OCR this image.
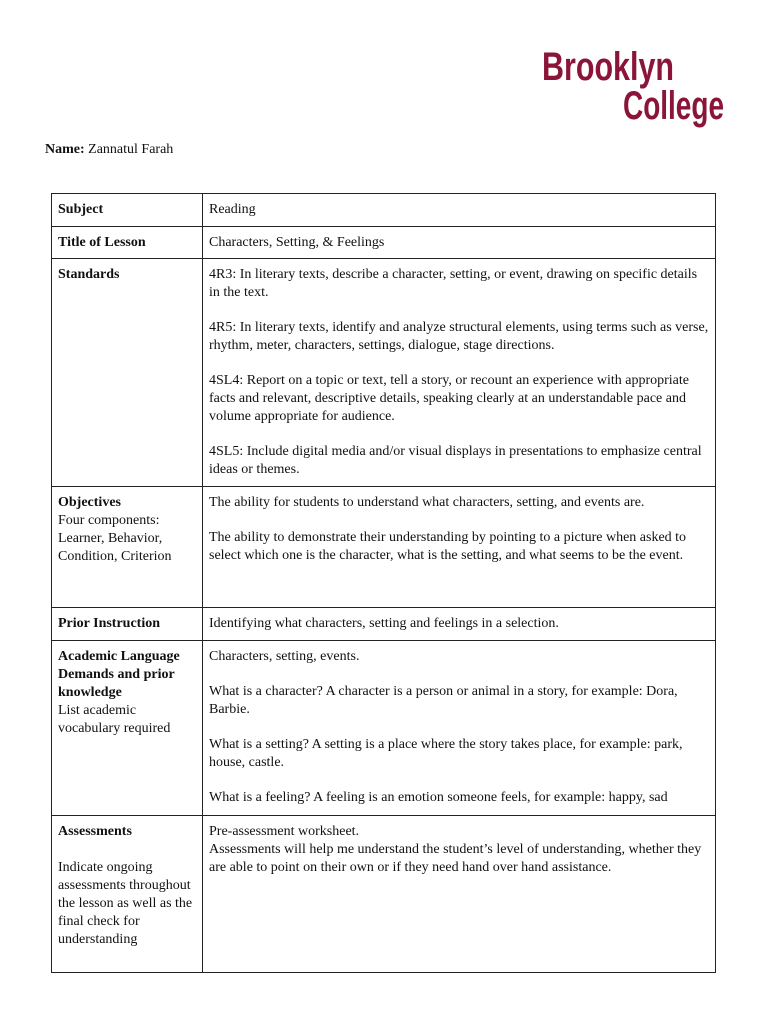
Brooklyn
College
Name: Zannatul Farah
Subject	Reading

Title of Lesson	Characters, Setting, & Feelings

Standards	4R3: In literary texts, describe a character, setting, or event, drawing on specific details in the text.
4R5: In literary texts, identify and analyze structural elements, using terms such as verse, rhythm, meter, characters, settings, dialogue, stage directions.
4SL4: Report on a topic or text, tell a story, or recount an experience with appropriate facts and relevant, descriptive details, speaking clearly at an understandable pace and volume appropriate for audience.
4SL5: Include digital media and/or visual displays in presentations to emphasize central ideas or themes.

Objectives
Four components: Learner, Behavior, Condition, Criterion	The ability for students to understand what characters, setting, and events are.
The ability to demonstrate their understanding by pointing to a picture when asked to select which one is the character, what is the setting, and what seems to be the event.

Prior Instruction	Identifying what characters, setting and feelings in a selection.

Academic Language Demands and prior knowledge
List academic vocabulary required	Characters, setting, events.
What is a character? A character is a person or animal in a story, for example: Dora, Barbie.
What is a setting? A setting is a place where the story takes place, for example: park, house, castle.
What is a feeling? A feeling is an emotion someone feels, for example: happy, sad

Assessments
Indicate ongoing assessments throughout the lesson as well as the final check for understanding	Pre-assessment worksheet.
Assessments will help me understand the student’s level of understanding, whether they are able to point on their own or if they need hand over hand assistance.
